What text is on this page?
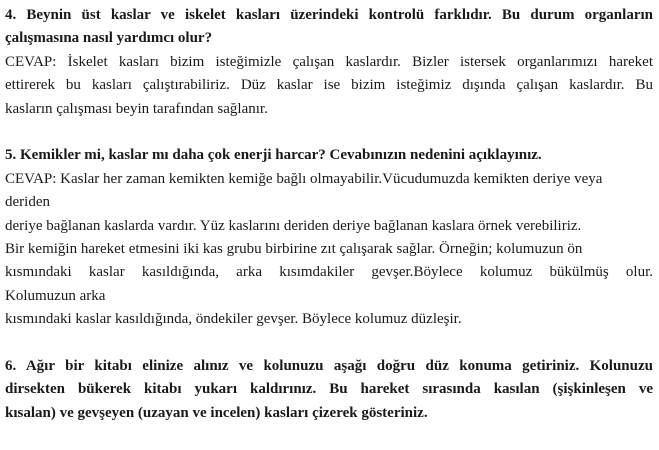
4. Beynin üst kaslar ve iskelet kasları üzerindeki kontrolü farklıdır. Bu durum organların

çalışmasına nasıl yardımcı olur?

CEVAP: İskelet kasları bizim isteğimizle çalışan kaslardır. Bizler istersek organlarımızı hareket

ettirerek bu kasları çalıştırabiliriz. Düz kaslar ise bizim isteğimiz dışında çalışan kaslardır. Bu

kasların çalışması beyin tarafından sağlanır.

5. Kemikler mi, kaslar mı daha çok enerji harcar? Cevabınızın nedenini açıklayınız.

CEVAP: Kaslar her zaman kemikten kemiğe bağlı olmayabilir.Vücudumuzda kemikten deriye veya

deriden

deriye bağlanan kaslarda vardır. Yüz kaslarını deriden deriye bağlanan kaslara örnek verebiliriz.

Bir kemiğin hareket etmesini iki kas grubu birbirine zıt çalışarak sağlar. Örneğin; kolumuzun ön

kısmındaki kaslar kasıldığında, arka kısımdakiler gevşer.Böylece kolumuz bükülmüş olur.

Kolumuzun arka

kısmındaki kaslar kasıldığında, öndekiler gevşer. Böylece kolumuz düzleşir.

6. Ağır bir kitabı elinize alınız ve kolunuzu aşağı doğru düz konuma getiriniz. Kolunuzu

dirsekten bükerek kitabı yukarı kaldırınız. Bu hareket sırasında kasılan (şişkinleşen ve

kısalan) ve gevşeyen (uzayan ve incelen) kasları çizerek gösteriniz.
